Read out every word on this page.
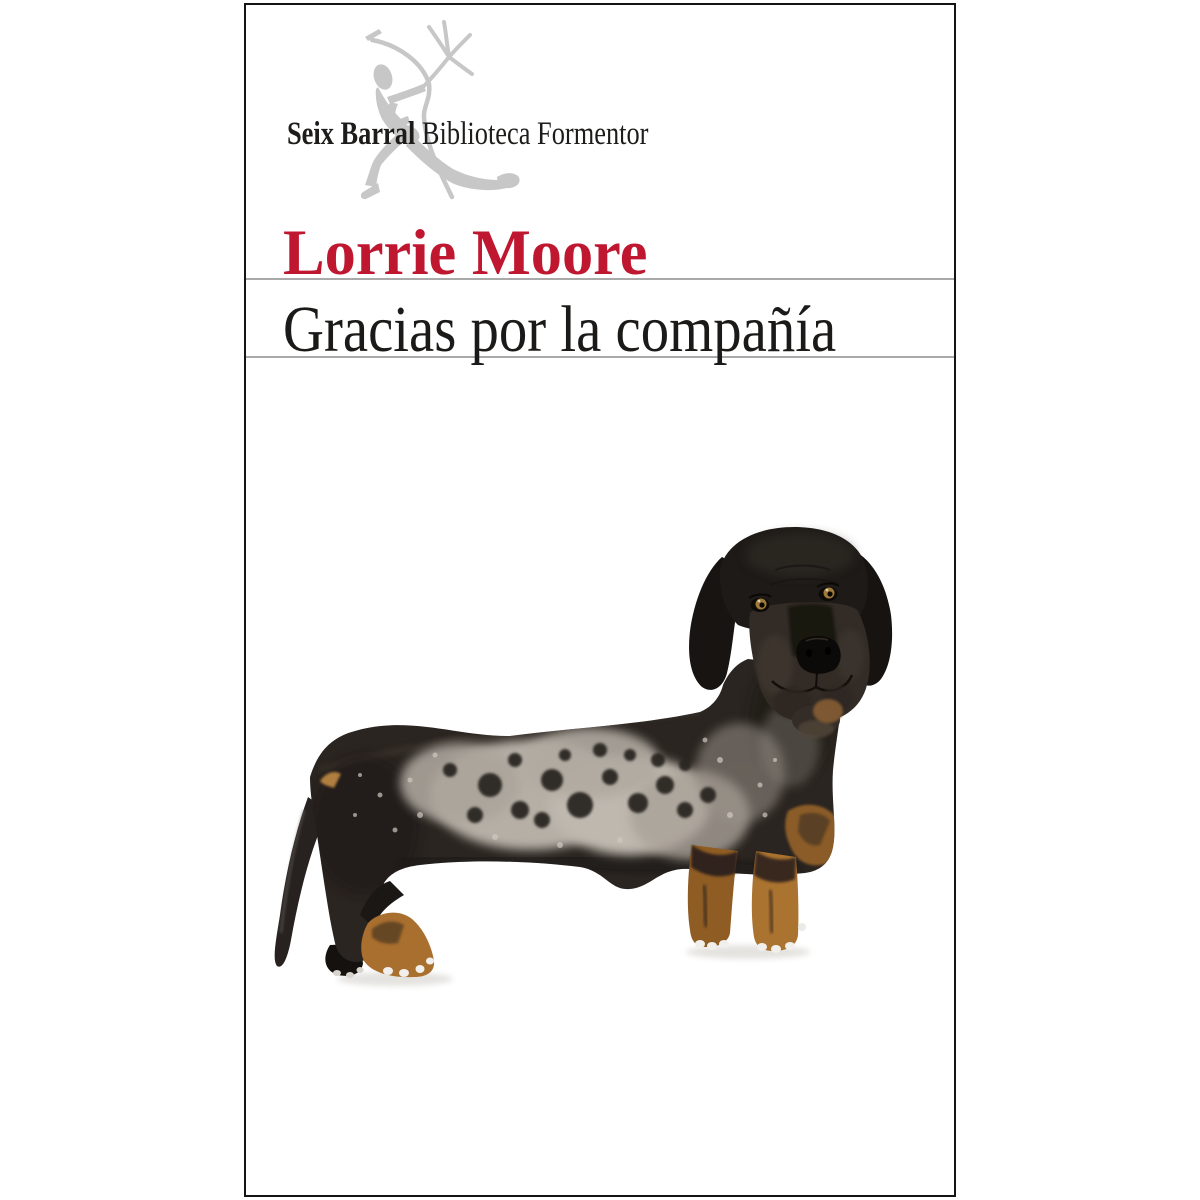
Seix Barral Biblioteca Formentor
Lorrie Moore
Gracias por la compañía
